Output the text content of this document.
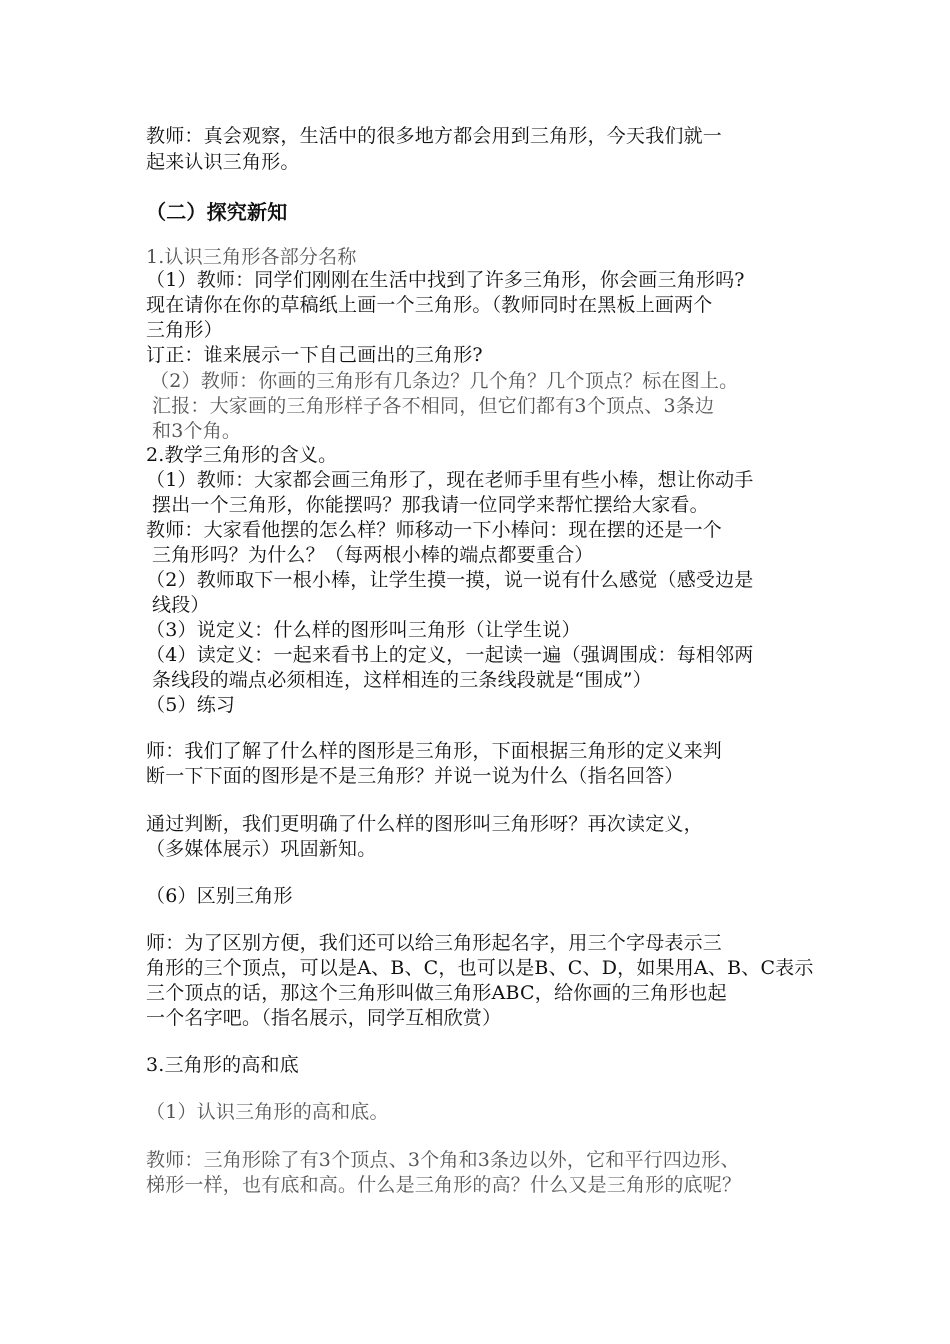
教师：真会观察，生活中的很多地方都会用到三角形，今天我们就一
起来认识三角形。
（二）探究新知
1.认识三角形各部分名称
（1）教师：同学们刚刚在生活中找到了许多三角形，你会画三角形吗?
现在请你在你的草稿纸上画一个三角形。（教师同时在黑板上画两个
三角形）
订正：谁来展示一下自己画出的三角形?
（2）教师：你画的三角形有几条边？几个角？几个顶点？标在图上。
汇报：大家画的三角形样子各不相同，但它们都有3个顶点、3条边
和3个角。
2.教学三角形的含义。
（1）教师：大家都会画三角形了，现在老师手里有些小棒，想让你动手
摆出一个三角形，你能摆吗？那我请一位同学来帮忙摆给大家看。
教师：大家看他摆的怎么样？师移动一下小棒问：现在摆的还是一个
三角形吗？为什么？（每两根小棒的端点都要重合）
（2）教师取下一根小棒，让学生摸一摸，说一说有什么感觉（感受边是
线段）
（3）说定义：什么样的图形叫三角形（让学生说）
（4）读定义：一起来看书上的定义，一起读一遍（强调围成：每相邻两
条线段的端点必须相连，这样相连的三条线段就是“围成”）
（5）练习
师：我们了解了什么样的图形是三角形，下面根据三角形的定义来判
断一下下面的图形是不是三角形？并说一说为什么（指名回答）
通过判断，我们更明确了什么样的图形叫三角形呀？再次读定义，
（多媒体展示）巩固新知。
（6）区别三角形
师：为了区别方便，我们还可以给三角形起名字，用三个字母表示三
角形的三个顶点，可以是A、B、C，也可以是B、C、D，如果用A、B、C表示
三个顶点的话，那这个三角形叫做三角形ABC，给你画的三角形也起
一个名字吧。（指名展示，同学互相欣赏）
3.三角形的高和底
（1）认识三角形的高和底。
教师：三角形除了有3个顶点、3个角和3条边以外，它和平行四边形、
梯形一样，也有底和高。什么是三角形的高？什么又是三角形的底呢？
